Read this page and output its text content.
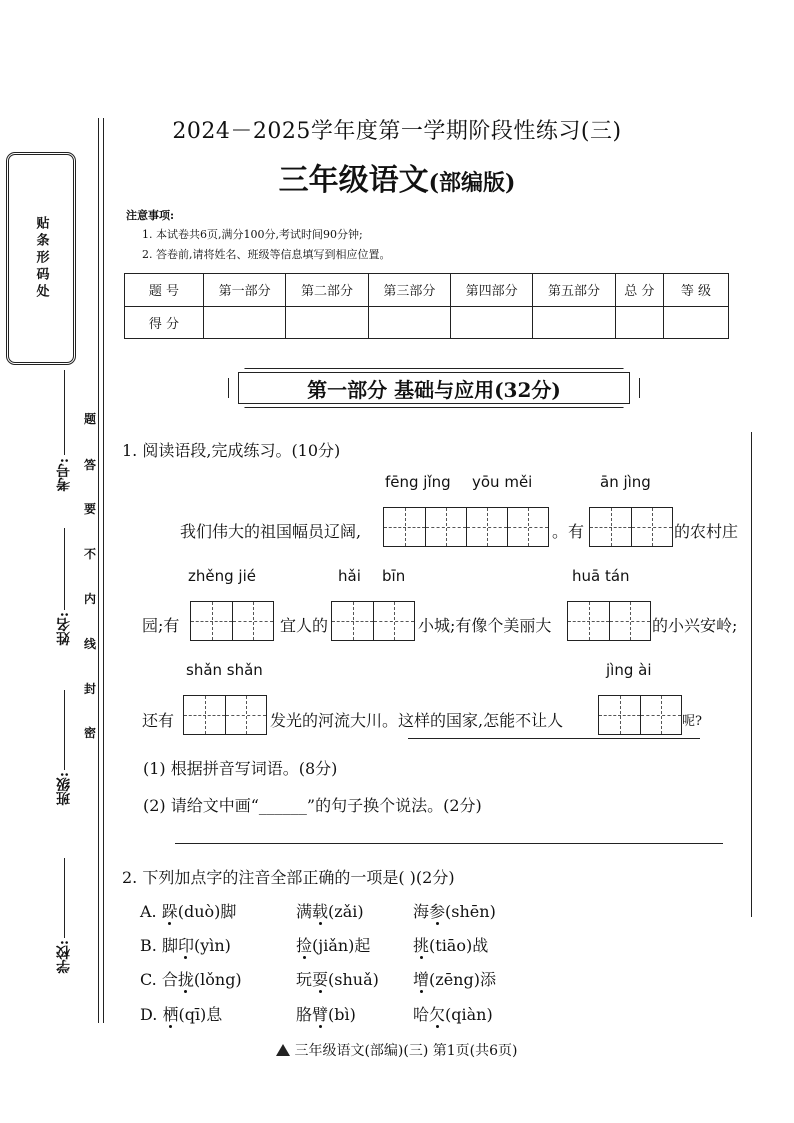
贴条形码处
考号:
姓名:
班级:
学校:
题
答
要
不
内
线
封
密
2024－2025学年度第一学期阶段性练习(三)
三年级语文(部编版)
注意事项:
1. 本试卷共6页,满分100分,考试时间90分钟;
2. 答卷前,请将姓名、班级等信息填写到相应位置。
题 号	第一部分	第二部分	第三部分	第四部分	第五部分	总 分	等 级
得 分							
第一部分 基础与应用(32分)
1. 阅读语段,完成练习。(10分)
fēng jǐng yōu měi	ān jìng
我们伟大的祖国幅员辽阔,	。有	的农村庄
zhěng jié	hǎi bīn	huā tán
园;有	宜人的	小城;有像个美丽大	的小兴安岭;
shǎn shǎn	jìng ài
还有	发光的河流大川。这样的国家,怎能不让人	呢?
(1) 根据拼音写词语。(8分)
(2) 请给文中画“______”的句子换个说法。(2分)
2. 下列加点字的注音全部正确的一项是( )(2分)
A. 跺(duò)脚	满载(zǎi)	海参(shēn)
B. 脚印(yìn)	捡(jiǎn)起	挑(tiāo)战
C. 合拢(lǒng)	玩耍(shuǎ) 增(zēng)添
D. 栖(qī)息	胳臂(bì)	哈欠(qiàn)
三年级语文(部编)(三) 第1页(共6页)
